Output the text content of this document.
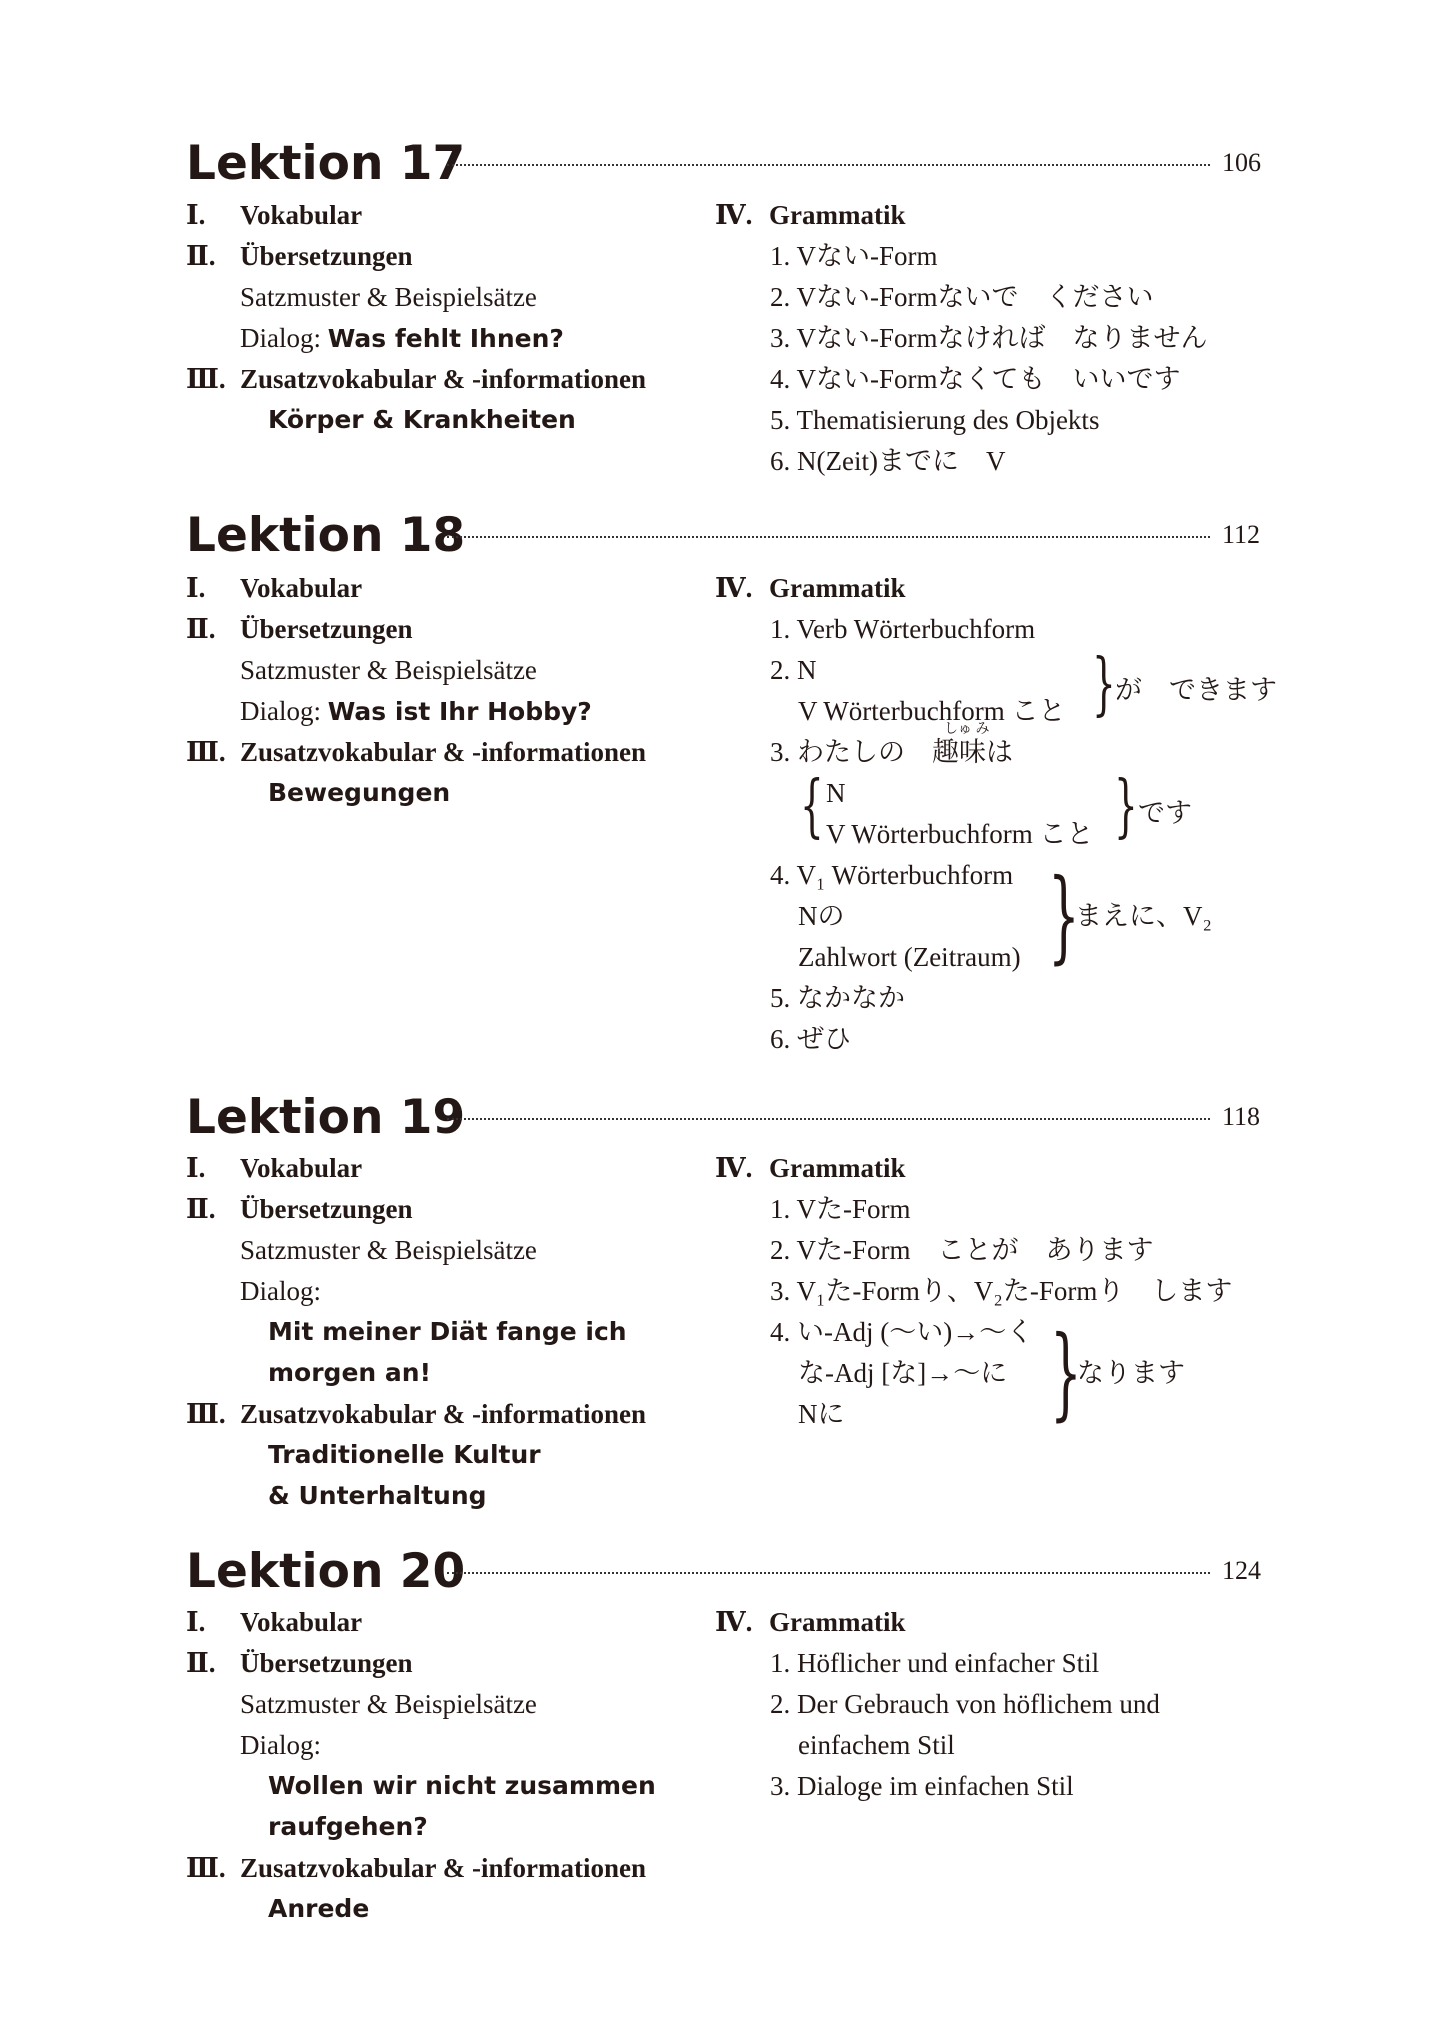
Lektion 17	106
Ⅰ. Vokabular
Ⅱ. Übersetzungen
Satzmuster & Beispielsätze
Dialog: Was fehlt Ihnen?
Ⅲ. Zusatzvokabular & -informationen
Körper & Krankheiten
Ⅳ. Grammatik
1. Vない-Form
2. Vない-Formないで　ください
3. Vない-Formなければ　なりません
4. Vない-Formなくても　いいです
5. Thematisierung des Objekts
6. N(Zeit)までに　V
Lektion 18	112
Ⅰ. Vokabular
Ⅱ. Übersetzungen
Satzmuster & Beispielsätze
Dialog: Was ist Ihr Hobby?
Ⅲ. Zusatzvokabular & -informationen
Bewegungen
Ⅳ. Grammatik
1. Verb Wörterbuchform
2. N
V Wörterbuchform こと } が　できます
しゅ み
3. わたしの　趣味は
{ N
V Wörterbuchform こと } です
4. V₁ Wörterbuchform
Nの
Zahlwort (Zeitraum) }
まえに、V₂
5. なかなか
6. ぜひ
Lektion 19	118
Ⅰ. Vokabular
Ⅱ. Übersetzungen
Satzmuster & Beispielsätze
Dialog:
Mit meiner Diät fange ich
morgen an!
Ⅲ. Zusatzvokabular & -informationen
Traditionelle Kultur
& Unterhaltung
Ⅳ. Grammatik
1. Vた-Form
2. Vた-Form　ことが　あります
3. V₁た-Formり、V₂た-Formり　します
4. い-Adj (〜い)→〜く
な-Adj [な]→〜に
Nに }
なります
Lektion 20	124
Ⅰ. Vokabular
Ⅱ. Übersetzungen
Satzmuster & Beispielsätze
Dialog:
Wollen wir nicht zusammen
raufgehen?
Ⅲ. Zusatzvokabular & -informationen
Anrede
Ⅳ. Grammatik
1. Höflicher und einfacher Stil
2. Der Gebrauch von höflichem und
einfachem Stil
3. Dialoge im einfachen Stil
